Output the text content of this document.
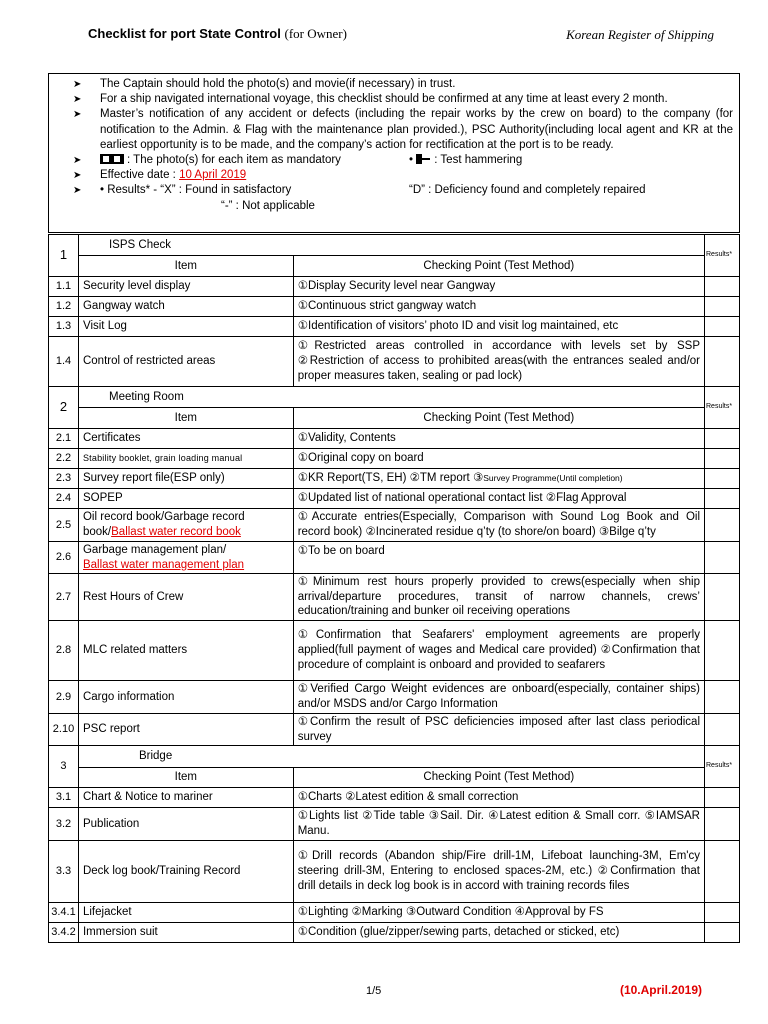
Checklist for port State Control (for Owner)	Korean Register of Shipping
➤ The Captain should hold the photo(s) and movie(if necessary) in trust.
➤ For a ship navigated international voyage, this checklist should be confirmed at any time at least every 2 month.
➤ Master’s notification of any accident or defects (including the repair works by the crew on board) to the company (for notification to the Admin. & Flag with the maintenance plan provided.), PSC Authority(including local agent and KR at the earliest opportunity is to be made, and the company’s action for rectification at the port is to be ready.
➤	: The photo(s) for each item as mandatory	• : Test hammering
➤ Effective date : 10 April 2019
➤ • Results* - “X” : Found in satisfactory	“D” : Deficiency found and completely repaired
“-” : Not applicable
1	ISPS Check		Results*
	Item	Checking Point (Test Method)	
1.1	Security level display	①Display Security level near Gangway	
1.2	Gangway watch	①Continuous strict gangway watch	
1.3	Visit Log	①Identification of visitors’ photo ID and visit log maintained, etc	
1.4	Control of restricted areas	①Restricted areas controlled in accordance with levels set by SSP ②Restriction of access to prohibited areas(with the entrances sealed and/or proper measures taken, sealing or pad lock)	
2	Meeting Room		Results*
	Item	Checking Point (Test Method)	
2.1	Certificates	①Validity, Contents	
2.2	Stability booklet, grain loading manual	①Original copy on board	
2.3	Survey report file(ESP only)	①KR Report(TS, EH) ②TM report ③Survey Programme(Until completion)	
2.4	SOPEP	①Updated list of national operational contact list ②Flag Approval	
2.5	Oil record book/Garbage record book/Ballast water record book	①Accurate entries(Especially, Comparison with Sound Log Book and Oil record book) ②Incinerated residue q’ty (to shore/on board) ③Bilge q’ty	
2.6	Garbage management plan/
Ballast water management plan	①To be on board	
2.7	Rest Hours of Crew	①Minimum rest hours properly provided to crews(especially when ship arrival/departure procedures, transit of narrow channels, crews’ education/training and bunker oil receiving operations	
2.8	MLC related matters	①Confirmation that Seafarers' employment agreements are properly applied(full payment of wages and Medical care provided) ②Confirmation that procedure of complaint is onboard and provided to seafarers	
2.9	Cargo information	①Verified Cargo Weight evidences are onboard(especially, container ships) and/or MSDS and/or Cargo Information	
2.10	PSC report	①Confirm the result of PSC deficiencies imposed after last class periodical survey	
3	Bridge		Results*
	Item	Checking Point (Test Method)	
3.1	Chart & Notice to mariner	①Charts ②Latest edition & small correction	
3.2	Publication	①Lights list ②Tide table ③Sail. Dir. ④Latest edition & Small corr. ⑤IAMSAR Manu.	
3.3	Deck log book/Training Record	①Drill records (Abandon ship/Fire drill-1M, Lifeboat launching-3M, Em'cy steering drill-3M, Entering to enclosed spaces-2M, etc.) ②Confirmation that drill details in deck log book is in accord with training records files	
3.4.1	Lifejacket	①Lighting ②Marking ③Outward Condition ④Approval by FS	
3.4.2	Immersion suit	①Condition (glue/zipper/sewing parts, detached or sticked, etc)	
1/5	(10.April.2019)
